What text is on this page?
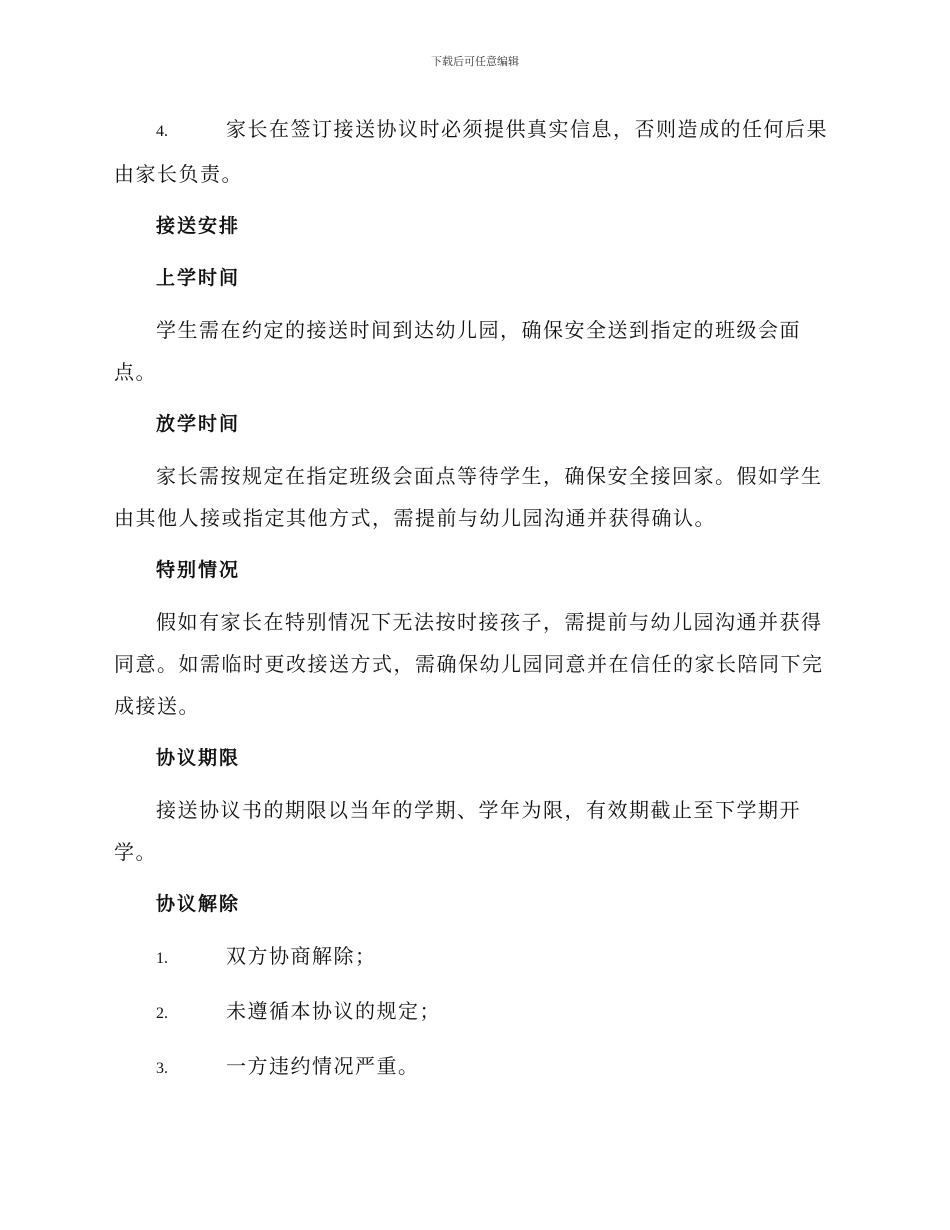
下载后可任意编辑

4.	家长在签订接送协议时必须提供真实信息，否则造成的任何后果由家长负责。

接送安排

上学时间

学生需在约定的接送时间到达幼儿园，确保安全送到指定的班级会面点。

放学时间

家长需按规定在指定班级会面点等待学生，确保安全接回家。假如学生由其他人接或指定其他方式，需提前与幼儿园沟通并获得确认。

特别情况

假如有家长在特别情况下无法按时接孩子，需提前与幼儿园沟通并获得同意。如需临时更改接送方式，需确保幼儿园同意并在信任的家长陪同下完成接送。

协议期限

接送协议书的期限以当年的学期、学年为限，有效期截止至下学期开学。

协议解除

1.	双方协商解除；

2.	未遵循本协议的规定；

3.	一方违约情况严重。
